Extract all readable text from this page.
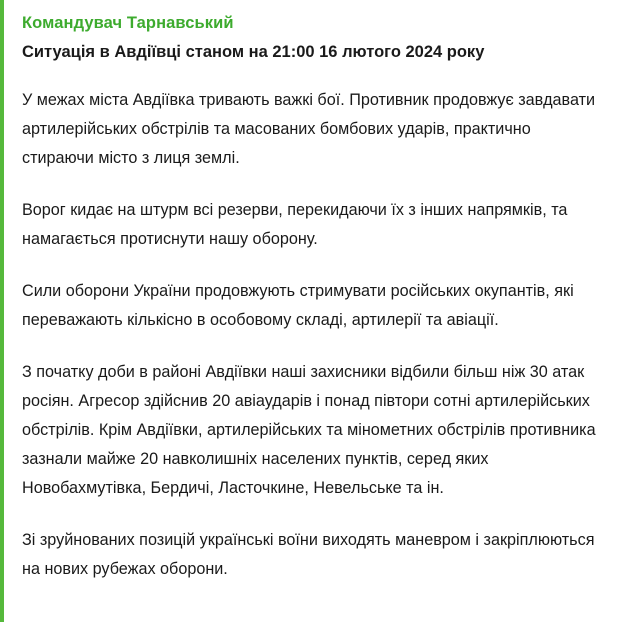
Командувач Тарнавський
Ситуація в Авдіївці станом на 21:00 16 лютого 2024 року

У межах міста Авдіївка тривають важкі бої. Противник продовжує завдавати артилерійських обстрілів та масованих бомбових ударів, практично стираючи місто з лиця землі.

Ворог кидає на штурм всі резерви, перекидаючи їх з інших напрямків, та намагається протиснути нашу оборону.

Сили оборони України продовжують стримувати російських окупантів, які переважають кількісно в особовому складі, артилерії та авіації.

З початку доби в районі Авдіївки наші захисники відбили більш ніж 30 атак росіян. Агресор здійснив 20 авіаударів і понад півтори сотні артилерійських обстрілів. Крім Авдіївки, артилерійських та мінометних обстрілів противника зазнали майже 20 навколишніх населених пунктів, серед яких Новобахмутівка, Бердичі, Ласточкине, Невельське та ін.

Зі зруйнованих позицій українські воїни виходять маневром і закріплюються на нових рубежах оборони.
